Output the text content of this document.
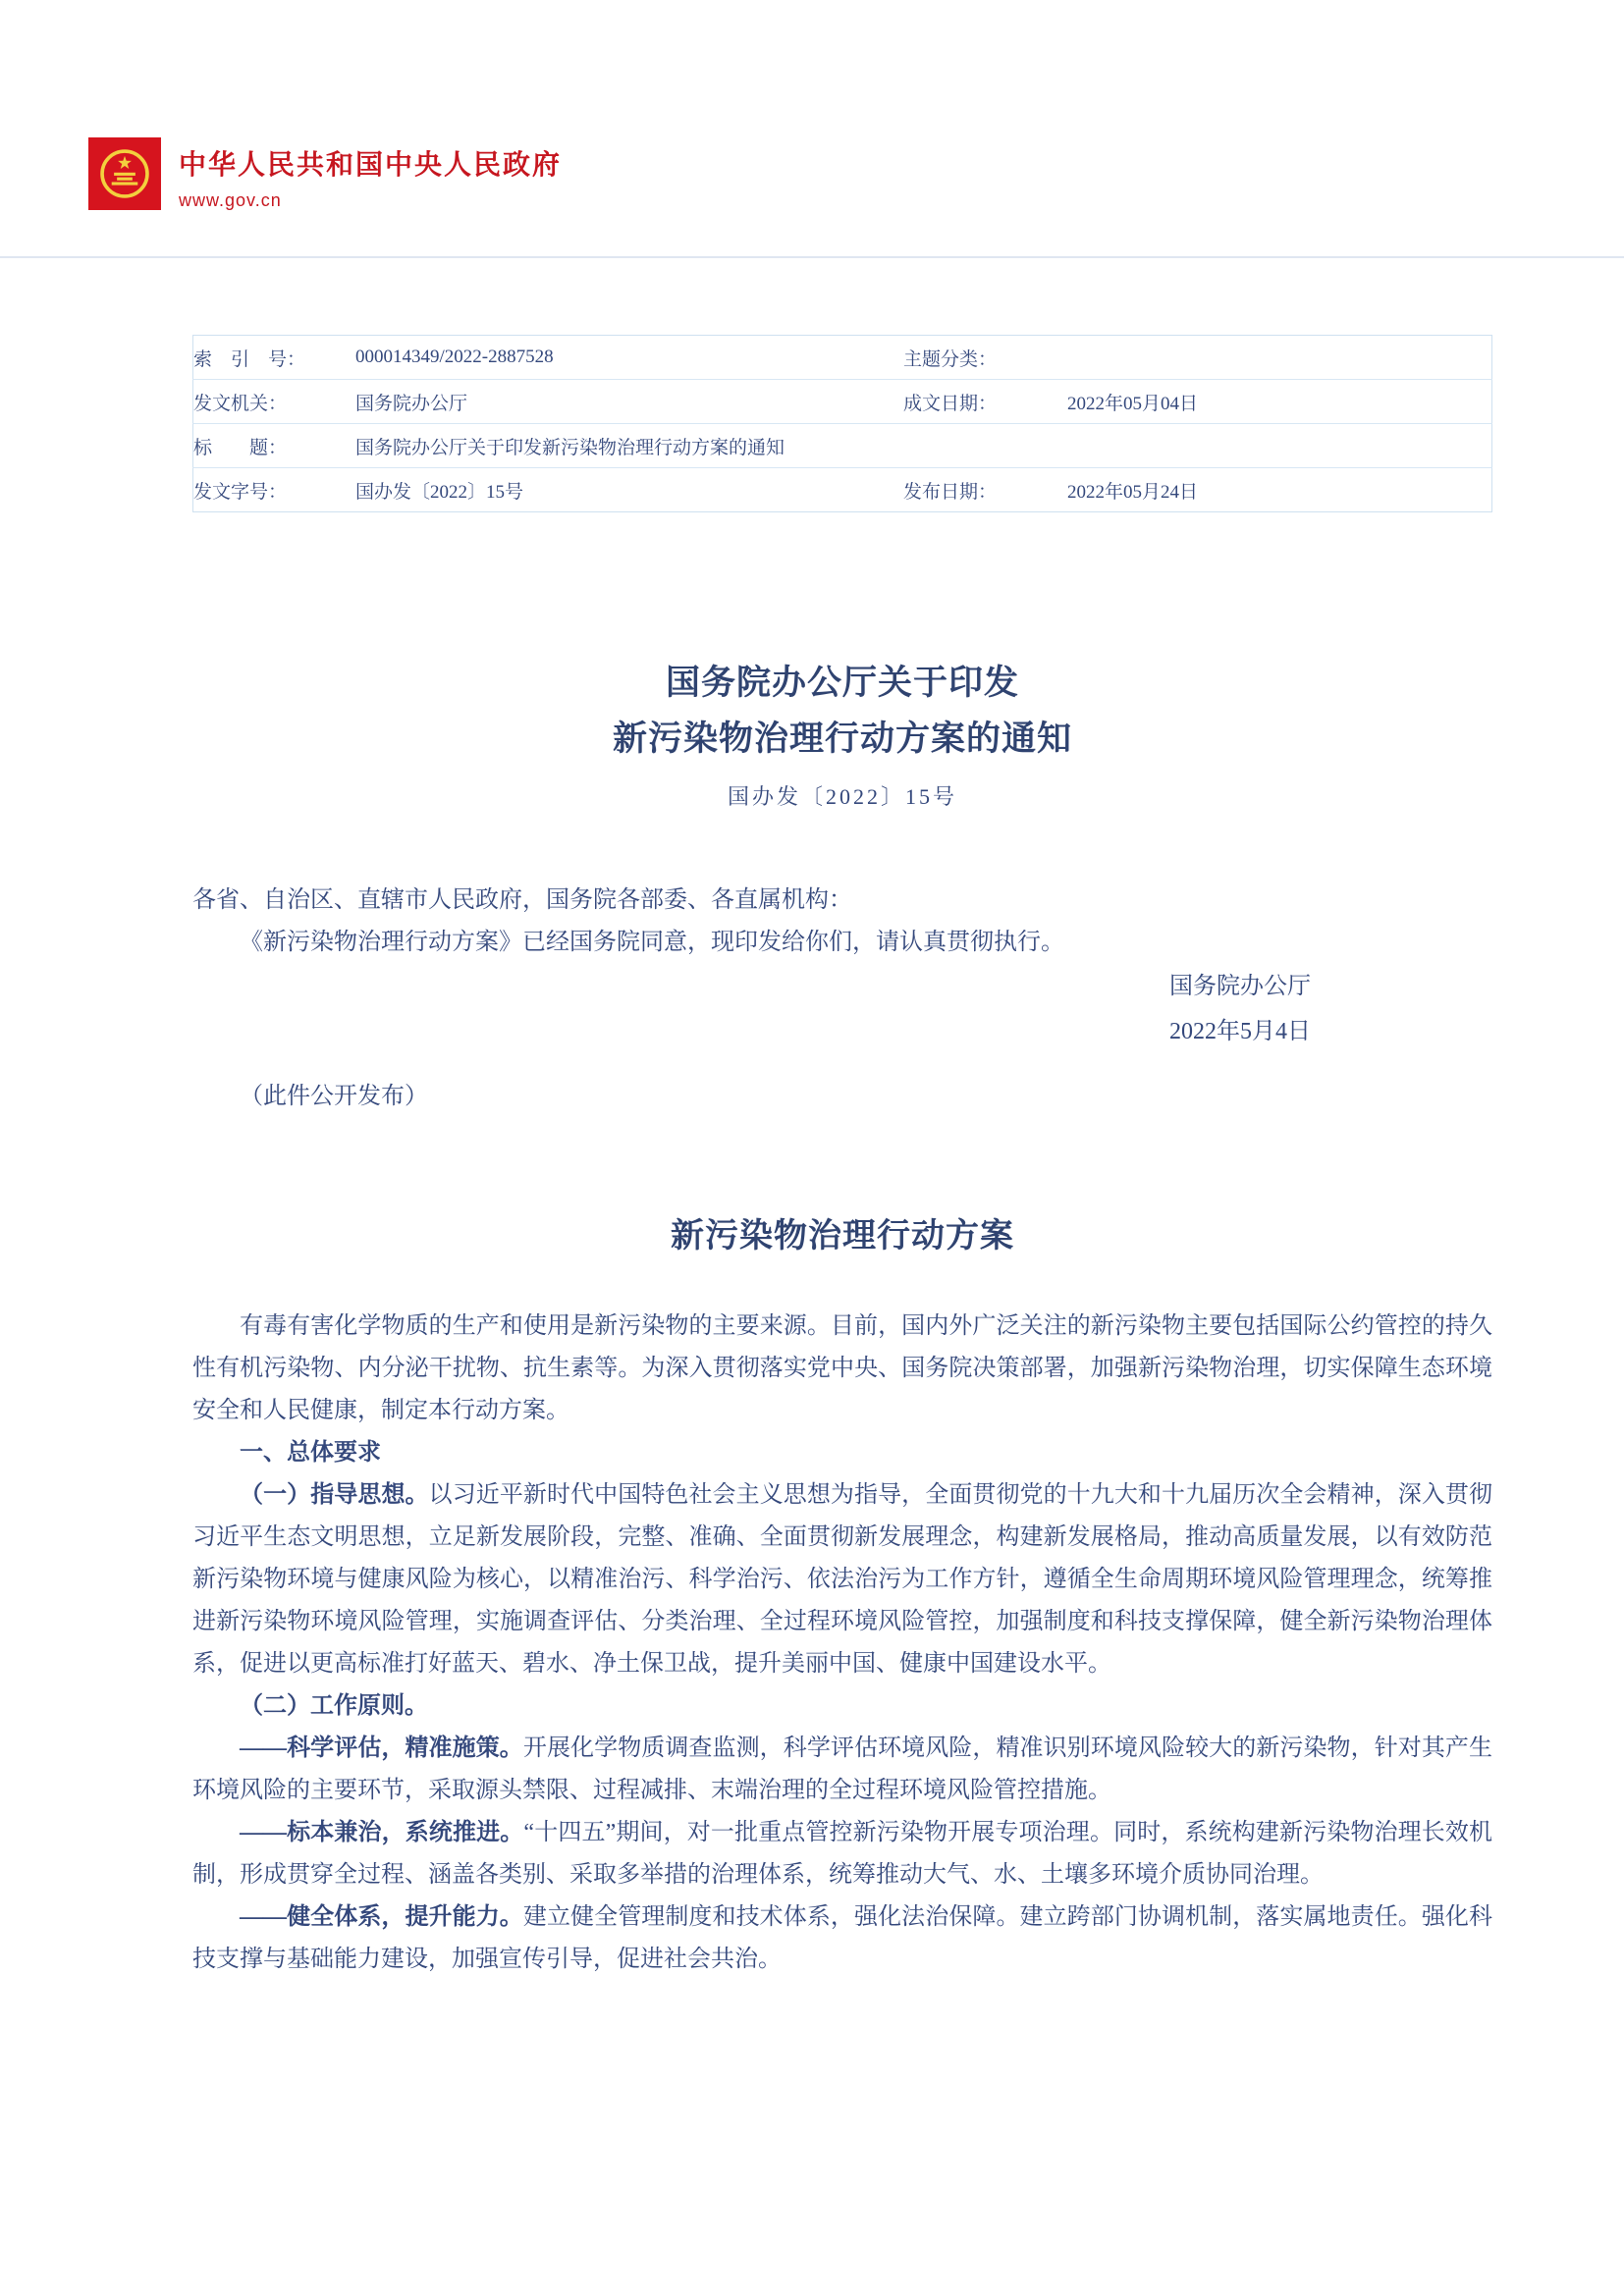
中华人民共和国中央人民政府
www.gov.cn
索　引　号：	000014349/2022-2887528	主题分类：	
发文机关：	国务院办公厅	成文日期：	2022年05月04日
标　　题：	国务院办公厅关于印发新污染物治理行动方案的通知		
发文字号：	国办发〔2022〕15号	发布日期：	2022年05月24日
国务院办公厅关于印发
新污染物治理行动方案的通知
国办发〔2022〕15号

各省、自治区、直辖市人民政府，国务院各部委、各直属机构：

《新污染物治理行动方案》已经国务院同意，现印发给你们，请认真贯彻执行。

国务院办公厅
2022年5月4日

（此件公开发布）

新污染物治理行动方案

有毒有害化学物质的生产和使用是新污染物的主要来源。目前，国内外广泛关注的新污染物主要包括国际公约管控的持久性有机污染物、内分泌干扰物、抗生素等。为深入贯彻落实党中央、国务院决策部署，加强新污染物治理，切实保障生态环境安全和人民健康，制定本行动方案。

一、总体要求

（一）指导思想。以习近平新时代中国特色社会主义思想为指导，全面贯彻党的十九大和十九届历次全会精神，深入贯彻习近平生态文明思想，立足新发展阶段，完整、准确、全面贯彻新发展理念，构建新发展格局，推动高质量发展，以有效防范新污染物环境与健康风险为核心，以精准治污、科学治污、依法治污为工作方针，遵循全生命周期环境风险管理理念，统筹推进新污染物环境风险管理，实施调查评估、分类治理、全过程环境风险管控，加强制度和科技支撑保障，健全新污染物治理体系，促进以更高标准打好蓝天、碧水、净土保卫战，提升美丽中国、健康中国建设水平。

（二）工作原则。

——科学评估，精准施策。开展化学物质调查监测，科学评估环境风险，精准识别环境风险较大的新污染物，针对其产生环境风险的主要环节，采取源头禁限、过程减排、末端治理的全过程环境风险管控措施。

——标本兼治，系统推进。“十四五”期间，对一批重点管控新污染物开展专项治理。同时，系统构建新污染物治理长效机制，形成贯穿全过程、涵盖各类别、采取多举措的治理体系，统筹推动大气、水、土壤多环境介质协同治理。

——健全体系，提升能力。建立健全管理制度和技术体系，强化法治保障。建立跨部门协调机制，落实属地责任。强化科技支撑与基础能力建设，加强宣传引导，促进社会共治。
